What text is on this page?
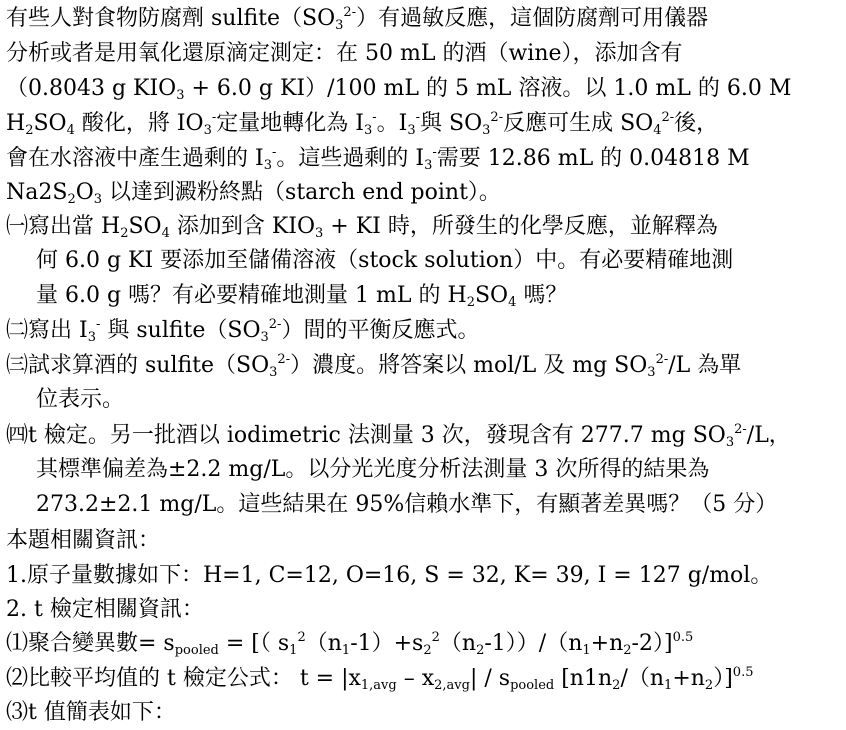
有些人對食物防腐劑 $sulfite(SO_3^{2-})$有過敏反應，這個防腐劑可用儀器
分析或者是用氧化還原滴定測定：在 50 mL 的酒（wine），添加含有
（0.8043 g $KIO_3 + 6.0$ g KI）/100 mL 的 5 mL 溶液。以 1.0 mL 的 6.0 M
$H_2SO_4$ 酸化，將 $IO_3^-$定量地轉化為 $I_3^-$。$I_3^-$與 $SO_3^{2-}$反應可生成 $SO_4^{2-}$後，
會在水溶液中產生過剩的 $I_3^-$。這些過剩的 $I_3^-$需要 12.86 mL 的 0.04818 M
$Na2S_2O_3$ 以達到澱粉終點（starch end point）。
㈠寫出當 $H_2SO_4$ 添加到含 $KIO_3$ + KI 時，所發生的化學反應，並解釋為
何 6.0 g KI 要添加至儲備溶液（stock solution）中。有必要精確地測
量 6.0 g 嗎？有必要精確地測量 1 mL 的 $H_2SO_4$ 嗎？
㈡寫出 $I_3^-$ 與 $sulfite(SO_3^{2-})$間的平衡反應式。
㈢試求算酒的 $sulfite(SO_3^{2-})$濃度。將答案以 mol/L 及 mg $SO_3^{2-}/L$ 為單
位表示。
㈣t 檢定。另一批酒以 iodimetric 法測量 3 次，發現含有 277.7 mg $SO_3^{2-}/L$，
其標準偏差為±2.2 mg/L。以分光光度分析法測量 3 次所得的結果為
273.2±2.1 mg/L。這些結果在 95%信賴水準下，有顯著差異嗎？（5 分）
本題相關資訊：
1.原子量數據如下：H=1, C=12, O=16, S = 32, K= 39, I = 127 g/mol。
2. t 檢定相關資訊：
⑴聚合變異數= $s_{pooled}$ = [（ $s_1^2(n_1-1)+s_2^2(n_2-1))/(n_1+n_2-2)]^{0.5}$
⑵比較平均值的 t 檢定公式： $t = |x_{1,avg} - x_{2,avg}| / s_{pooled}$ $[n1n_2/(n_1+n_2)]^{0.5}$
⑶t 值簡表如下：
